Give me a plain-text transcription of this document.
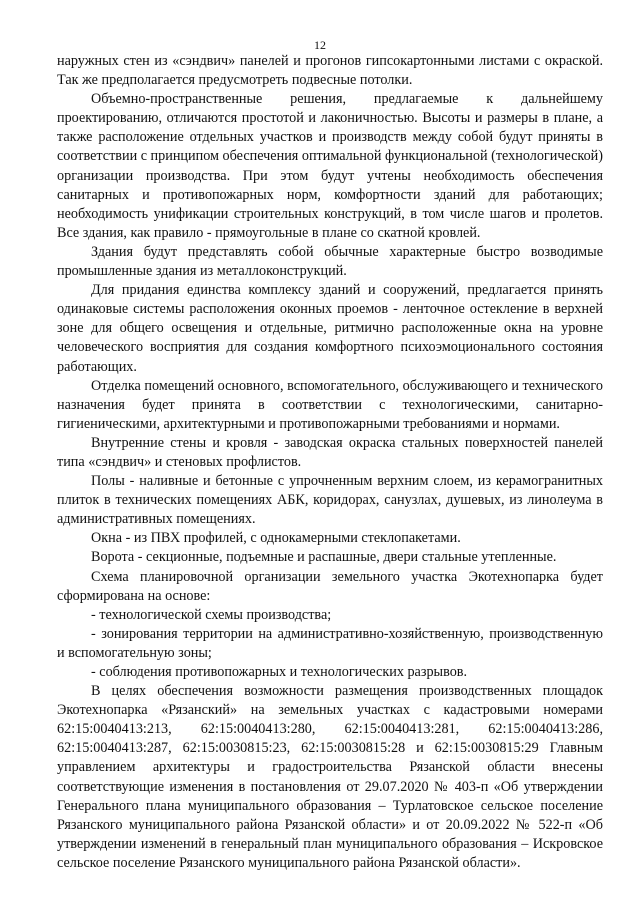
12

наружных стен из «сэндвич» панелей и прогонов гипсокартонными листами с окраской. Так же предполагается предусмотреть подвесные потолки.

Объемно-пространственные решения, предлагаемые к дальнейшему проектированию, отличаются простотой и лаконичностью. Высоты и размеры в плане, а также расположение отдельных участков и производств между собой будут приняты в соответствии с принципом обеспечения оптимальной функциональной (технологической) организации производства. При этом будут учтены необходимость обеспечения санитарных и противопожарных норм, комфортности зданий для работающих; необходимость унификации строительных конструкций, в том числе шагов и пролетов. Все здания, как правило - прямоугольные в плане со скатной кровлей.

Здания будут представлять собой обычные характерные быстро возводимые промышленные здания из металлоконструкций.

Для придания единства комплексу зданий и сооружений, предлагается принять одинаковые системы расположения оконных проемов - ленточное остекление в верхней зоне для общего освещения и отдельные, ритмично расположенные окна на уровне человеческого восприятия для создания комфортного психоэмоционального состояния работающих.

Отделка помещений основного, вспомогательного, обслуживающего и технического назначения будет принята в соответствии с технологическими, санитарно-гигиеническими, архитектурными и противопожарными требованиями и нормами.

Внутренние стены и кровля - заводская окраска стальных поверхностей панелей типа «сэндвич» и стеновых профлистов.

Полы - наливные и бетонные с упрочненным верхним слоем, из керамогранитных плиток в технических помещениях АБК, коридорах, санузлах, душевых, из линолеума в административных помещениях.

Окна - из ПВХ профилей, с однокамерными стеклопакетами.

Ворота - секционные, подъемные и распашные, двери стальные утепленные.

Схема планировочной организации земельного участка Экотехнопарка будет сформирована на основе:

- технологической схемы производства;

- зонирования территории на административно-хозяйственную, производственную и вспомогательную зоны;

- соблюдения противопожарных и технологических разрывов.

В целях обеспечения возможности размещения производственных площадок Экотехнопарка «Рязанский» на земельных участках с кадастровыми номерами 62:15:0040413:213, 62:15:0040413:280, 62:15:0040413:281, 62:15:0040413:286, 62:15:0040413:287, 62:15:0030815:23, 62:15:0030815:28 и 62:15:0030815:29 Главным управлением архитектуры и градостроительства Рязанской области внесены соответствующие изменения в постановления от 29.07.2020 № 403-п «Об утверждении Генерального плана муниципального образования – Турлатовское сельское поселение Рязанского муниципального района Рязанской области» и от 20.09.2022 № 522-п «Об утверждении изменений в генеральный план муниципального образования – Искровское сельское поселение Рязанского муниципального района Рязанской области».
